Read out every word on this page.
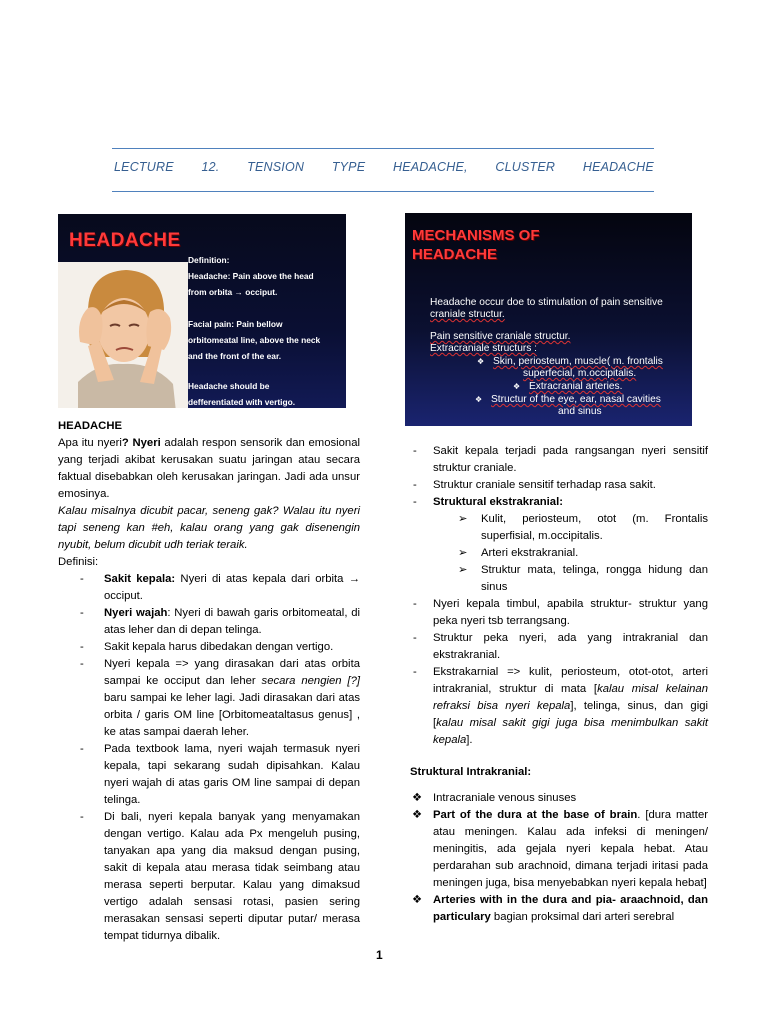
LECTURE 12. TENSION TYPE HEADACHE, CLUSTER HEADACHE
HEADACHE
Definition:
Headache: Pain above the head
from orbita → occiput.
Facial pain: Pain bellow
orbitomeatal line, above the neck
and the front of the ear.
Headache should be
defferentiated with vertigo.
MECHANISMS OF
HEADACHE
Headache occur doe to stimulation of pain sensitive
craniale structur.
Pain sensitive craniale structur.
Extracraniale structurs :
❖ Skin, periosteum, muscle( m. frontalis
superfecial, m.occipitalis.
❖ Extracranial arteries.
❖ Structur of the eye, ear, nasal cavities
and sinus
HEADACHE
Apa itu nyeri? Nyeri adalah respon sensorik dan emosional yang terjadi akibat kerusakan suatu jaringan atau secara faktual disebabkan oleh kerusakan jaringan. Jadi ada unsur emosinya.
Kalau misalnya dicubit pacar, seneng gak? Walau itu nyeri tapi seneng kan #eh, kalau orang yang gak disenengin nyubit, belum dicubit udh teriak teraik.
Definisi:
- Sakit kepala: Nyeri di atas kepala dari orbita → occiput.
- Nyeri wajah: Nyeri di bawah garis orbitomeatal, di atas leher dan di depan telinga.
- Sakit kepala harus dibedakan dengan vertigo.
- Nyeri kepala => yang dirasakan dari atas orbita sampai ke occiput dan leher secara nengien [?] baru sampai ke leher lagi. Jadi dirasakan dari atas orbita / garis OM line [Orbitomeataltasus genus] , ke atas sampai daerah leher.
- Pada textbook lama, nyeri wajah termasuk nyeri kepala, tapi sekarang sudah dipisahkan. Kalau nyeri wajah di atas garis OM line sampai di depan telinga.
- Di bali, nyeri kepala banyak yang menyamakan dengan vertigo. Kalau ada Px mengeluh pusing, tanyakan apa yang dia maksud dengan pusing, sakit di kepala atau merasa tidak seimbang atau merasa seperti berputar. Kalau yang dimaksud vertigo adalah sensasi rotasi, pasien sering merasakan sensasi seperti diputar putar/ merasa tempat tidurnya dibalik.
- Sakit kepala terjadi pada rangsangan nyeri sensitif struktur craniale.
- Struktur craniale sensitif terhadap rasa sakit.
- Struktural ekstrakranial:
➢ Kulit, periosteum, otot (m. Frontalis superfisial, m.occipitalis.
➢ Arteri ekstrakranial.
➢ Struktur mata, telinga, rongga hidung dan sinus
- Nyeri kepala timbul, apabila struktur- struktur yang peka nyeri tsb terrangsang.
- Struktur peka nyeri, ada yang intrakranial dan ekstrakranial.
- Ekstrakarnial => kulit, periosteum, otot-otot, arteri intrakranial, struktur di mata [kalau misal kelainan refraksi bisa nyeri kepala], telinga, sinus, dan gigi [kalau misal sakit gigi juga bisa menimbulkan sakit kepala].
Struktural Intrakranial:
❖ Intracraniale venous sinuses
❖ Part of the dura at the base of brain. [dura matter atau meningen. Kalau ada infeksi di meningen/ meningitis, ada gejala nyeri kepala hebat. Atau perdarahan sub arachnoid, dimana terjadi iritasi pada meningen juga, bisa menyebabkan nyeri kepala hebat]
❖ Arteries with in the dura and pia- araachnoid, dan particulary bagian proksimal dari arteri serebral
1
